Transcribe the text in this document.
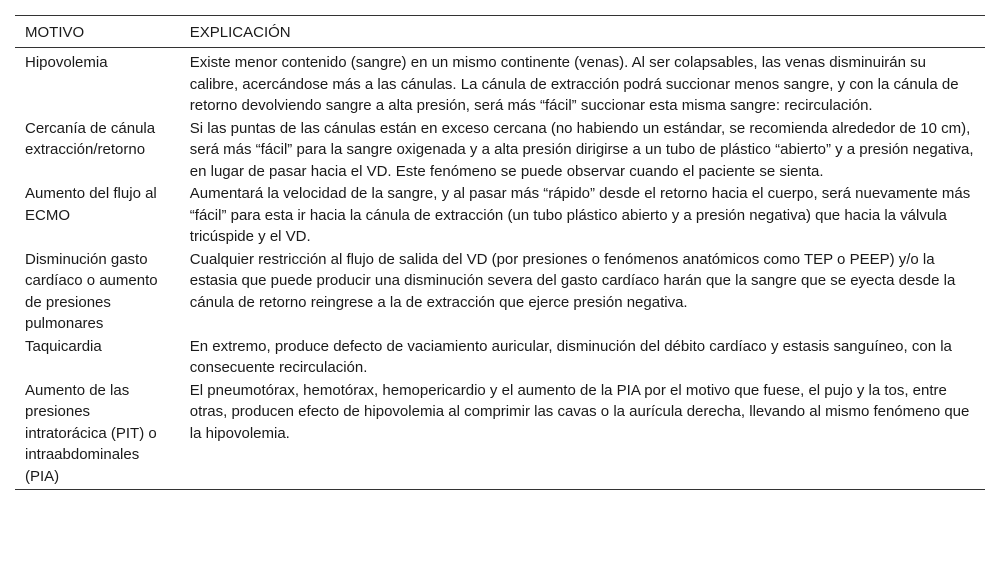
MOTIVO	EXPLICACIÓN
Hipovolemia	Existe menor contenido (sangre) en un mismo continente (venas). Al ser colapsables, las venas disminuirán su calibre, acercándose más a las cánulas. La cánula de extracción podrá succionar menos sangre, y con la cánula de retorno devolviendo sangre a alta presión, será más “fácil” succionar esta misma sangre: recirculación.
Cercanía de cánula extracción/retorno	Si las puntas de las cánulas están en exceso cercana (no habiendo un estándar, se recomienda alrededor de 10 cm), será más “fácil” para la sangre oxigenada y a alta presión dirigirse a un tubo de plástico “abierto” y a presión negativa, en lugar de pasar hacia el VD. Este fenómeno se puede observar cuando el paciente se sienta.
Aumento del flujo al ECMO	Aumentará la velocidad de la sangre, y al pasar más “rápido” desde el retorno hacia el cuerpo, será nuevamente más “fácil” para esta ir hacia la cánula de extracción (un tubo plástico abierto y a presión negativa) que hacia la válvula tricúspide y el VD.
Disminución gasto cardíaco o aumento de presiones pulmonares	Cualquier restricción al flujo de salida del VD (por presiones o fenómenos anatómicos como TEP o PEEP) y/o la estasia que puede producir una disminución severa del gasto cardíaco harán que la sangre que se eyecta desde la cánula de retorno reingrese a la de extracción que ejerce presión negativa.
Taquicardia	En extremo, produce defecto de vaciamiento auricular, disminución del débito cardíaco y estasis sanguíneo, con la consecuente recirculación.
Aumento de las presiones intratorácica (PIT) o intraabdominales (PIA)	El pneumotórax, hemotórax, hemopericardio y el aumento de la PIA por el motivo que fuese, el pujo y la tos, entre otras, producen efecto de hipovolemia al comprimir las cavas o la aurícula derecha, llevando al mismo fenómeno que la hipovolemia.
